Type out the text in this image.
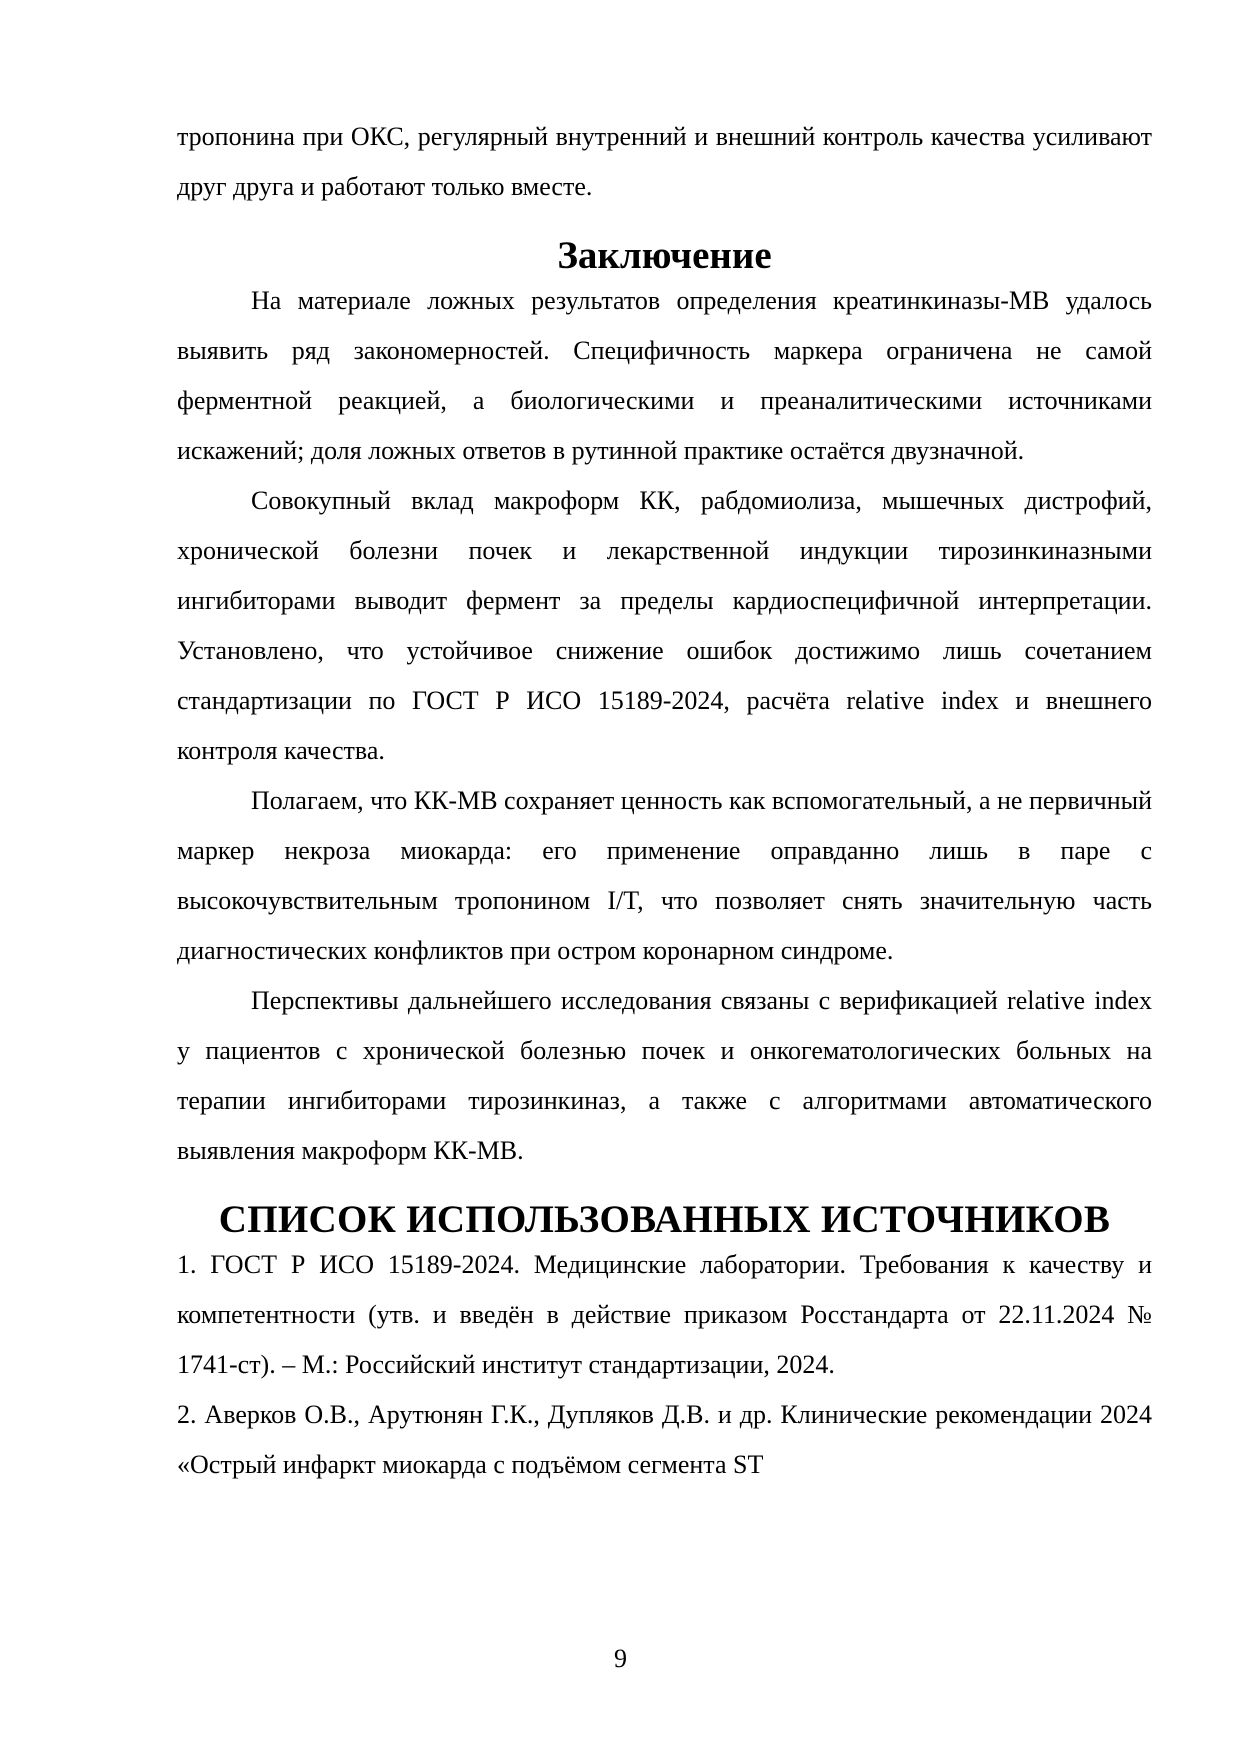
тропонина при ОКС, регулярный внутренний и внешний контроль качества усиливают друг друга и работают только вместе.

Заключение

На материале ложных результатов определения креатинкиназы-МВ удалось выявить ряд закономерностей. Специфичность маркера ограничена не самой ферментной реакцией, а биологическими и преаналитическими источниками искажений; доля ложных ответов в рутинной практике остаётся двузначной.

Совокупный вклад макроформ КК, рабдомиолиза, мышечных дистрофий, хронической болезни почек и лекарственной индукции тирозинкиназными ингибиторами выводит фермент за пределы кардиоспецифичной интерпретации. Установлено, что устойчивое снижение ошибок достижимо лишь сочетанием стандартизации по ГОСТ Р ИСО 15189-2024, расчёта relative index и внешнего контроля качества.

Полагаем, что КК-МВ сохраняет ценность как вспомогательный, а не первичный маркер некроза миокарда: его применение оправданно лишь в паре с высокочувствительным тропонином I/T, что позволяет снять значительную часть диагностических конфликтов при остром коронарном синдроме.

Перспективы дальнейшего исследования связаны с верификацией relative index у пациентов с хронической болезнью почек и онкогематологических больных на терапии ингибиторами тирозинкиназ, а также с алгоритмами автоматического выявления макроформ КК-МВ.

СПИСОК ИСПОЛЬЗОВАННЫХ ИСТОЧНИКОВ

1. ГОСТ Р ИСО 15189-2024. Медицинские лаборатории. Требования к качеству и компетентности (утв. и введён в действие приказом Росстандарта от 22.11.2024 № 1741-ст). – М.: Российский институт стандартизации, 2024.

2. Аверков О.В., Арутюнян Г.К., Дупляков Д.В. и др. Клинические рекомендации 2024 «Острый инфаркт миокарда с подъёмом сегмента ST

9
